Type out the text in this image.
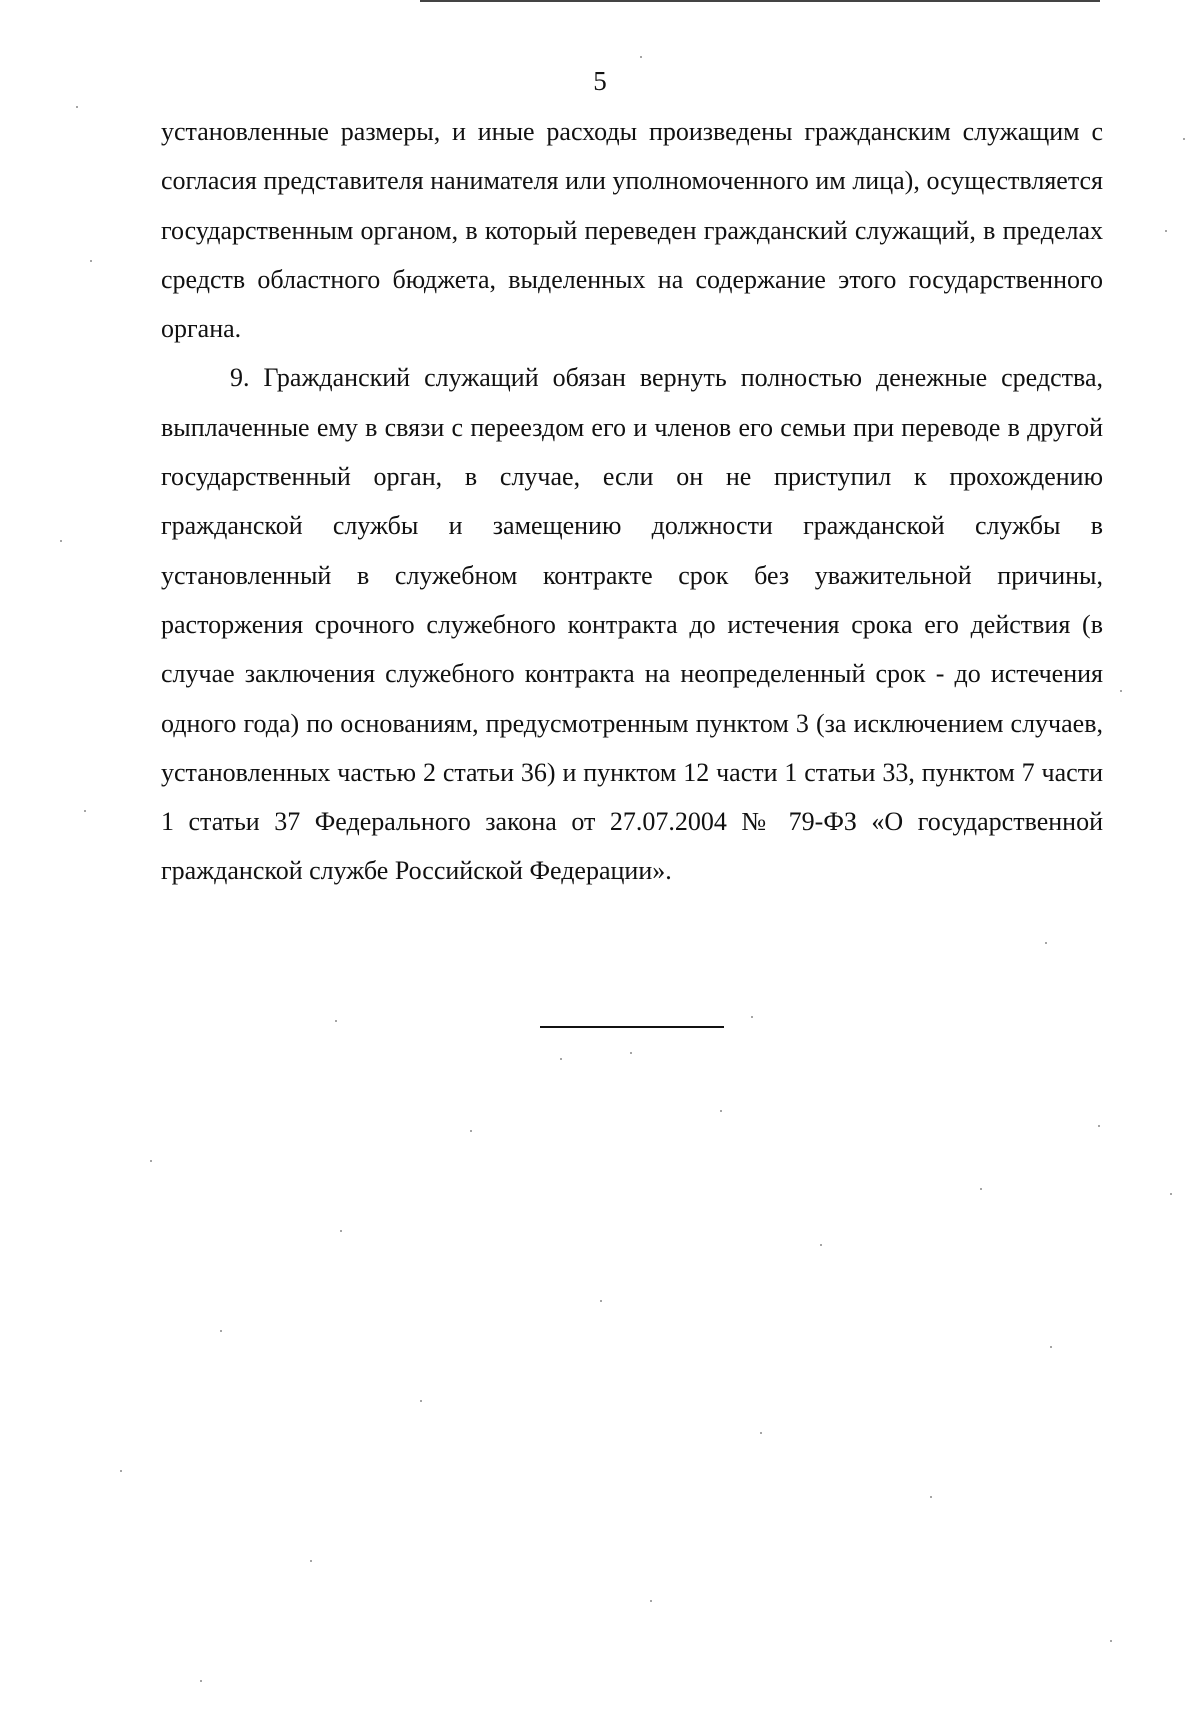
5

установленные размеры, и иные расходы произведены гражданским служащим с согласия представителя нанимателя или уполномоченного им лица), осуществляется государственным органом, в который переведен гражданский служащий, в пределах средств областного бюджета, выделенных на содержание этого государственного органа.

9. Гражданский служащий обязан вернуть полностью денежные средства, выплаченные ему в связи с переездом его и членов его семьи при переводе в другой государственный орган, в случае, если он не приступил к прохождению гражданской службы и замещению должности гражданской службы в установленный в служебном контракте срок без уважительной причины, расторжения срочного служебного контракта до истечения срока его действия (в случае заключения служебного контракта на неопределенный срок - до истечения одного года) по основаниям, предусмотренным пунктом 3 (за исключением случаев, установленных частью 2 статьи 36) и пунктом 12 части 1 статьи 33, пунктом 7 части 1 статьи 37 Федерального закона от 27.07.2004 № 79-ФЗ «О государственной гражданской службе Российской Федерации».
